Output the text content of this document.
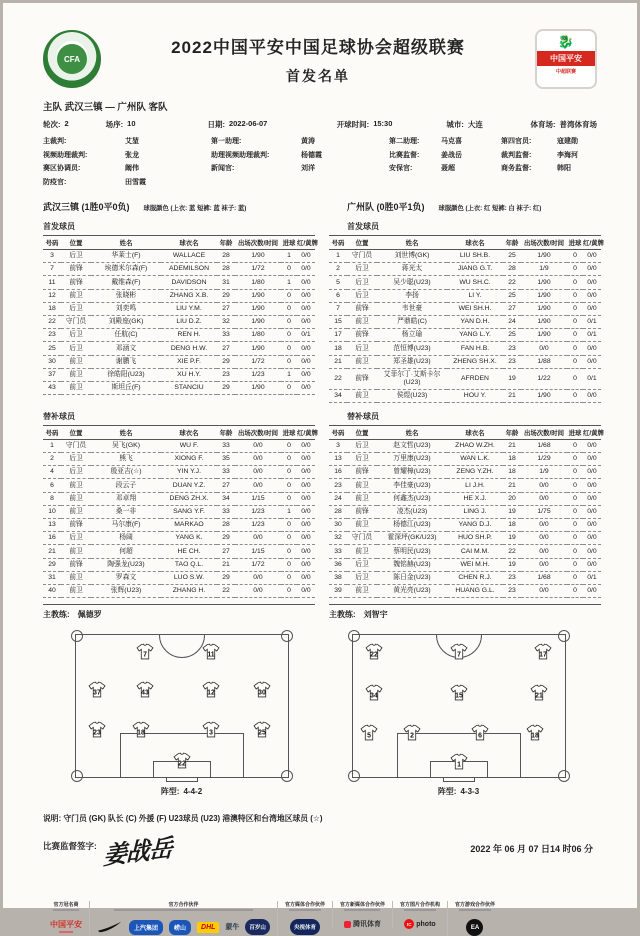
CFA
2022中国平安中国足球协会超级联赛
首发名单
🐉
中国平安
中超联赛
主队 武汉三镇 — 广州队 客队
轮次: 2	场序: 10	日期: 2022-06-07	开球时间: 15:30	城市: 大连	体育场: 普湾体育场
主裁判:	艾堃
视频助理裁判:	张龙
赛区协调员:	阚伟
防疫官:	田雪霞
第一助理:	黄涛
助理视频助理裁判:	杨德霞
新闻官:	刘洋
第二助理:	马克喜
比赛监督:	姜战岳
安保官:	聂超
第四官员:	寇建勋
裁判监督:	李海河
商务监督:	韩阳
武汉三镇 (1胜0平0负) 球服颜色 (上衣: 蓝 短裤: 蓝 袜子: 蓝)	广州队 (0胜0平1负) 球服颜色 (上衣: 红 短裤: 白 袜子: 红)
首发球员	首发球员
号码	位置	姓名	球衣名	年龄	出场次数/时间	进球	红/黄牌
3	后卫	华莱士(F)	WALLACE	28	1/90	1	0/0
7	前锋	埃德米尔森(F)	ADEMILSON	28	1/72	0	0/0
11	前锋	戴维森(F)	DAVIDSON	31	1/80	1	0/0
12	前卫	张晓彬	ZHANG X.B.	29	1/90	0	0/0
18	后卫	刘奕鸣	LIU Y.M.	27	1/90	0	0/0
22	守门员	刘殿座(GK)	LIU D.Z.	32	1/90	0	0/0
23	后卫	任航(C)	REN H.	33	1/80	0	0/1
25	后卫	邓涵文	DENG H.W.	27	1/90	0	0/0
30	前卫	谢鹏飞	XIE P.F.	29	1/72	0	0/0
37	前卫	徐皓阳(U23)	XU H.Y.	23	1/23	1	0/0
43	前卫	斯坦丘(F)	STANCIU	29	1/90	0	0/0
号码	位置	姓名	球衣名	年龄	出场次数/时间	进球	红/黄牌
1	守门员	刘世博(GK)	LIU SH.B.	25	1/90	0	0/0
2	后卫	蒋光太	JIANG G.T.	28	1/9	0	0/0
5	后卫	吴少聪(U23)	WU SH.C.	22	1/90	0	0/0
6	后卫	李扬	LI Y.	25	1/90	0	0/0
7	前锋	韦世豪	WEI SH.H.	27	1/90	0	0/0
15	前卫	严鼎皓(C)	YAN D.H.	24	1/90	0	0/1
17	前锋	杨立瑜	YANG L.Y.	25	1/90	0	0/1
18	后卫	范恒博(U23)	FAN H.B.	23	0/0	0	0/0
21	前卫	郑圣雄(U23)	ZHENG SH.X.	23	1/88	0	0/0
22	前锋	艾菲尔丁·艾斯卡尔(U23)	AFRDEN	19	1/22	0	0/1
34	前卫	侯煜(U23)	HOU Y.	21	1/90	0	0/0
替补球员	替补球员
号码	位置	姓名	球衣名	年龄	出场次数/时间	进球	红/黄牌
1	守门员	吴飞(GK)	WU F.	33	0/0	0	0/0
2	后卫	熊飞	XIONG F.	35	0/0	0	0/0
4	后卫	殷亚吉(☆)	YIN Y.J.	33	0/0	0	0/0
6	前卫	段云子	DUAN Y.Z.	27	0/0	0	0/0
8	前卫	邓卓翔	DENG ZH.X.	34	1/15	0	0/0
10	前卫	桑一非	SANG Y.F.	33	1/23	1	0/0
13	前锋	马尔康(F)	MARKAO	28	1/23	0	0/0
16	后卫	杨阔	YANG K.	29	0/0	0	0/0
21	前卫	何超	HE CH.	27	1/15	0	0/0
29	前锋	陶强龙(U23)	TAO Q.L.	21	1/72	0	0/0
31	前卫	罗森文	LUO S.W.	29	0/0	0	0/0
40	前卫	张辉(U23)	ZHANG H.	22	0/0	0	0/0
主教练: 佩德罗
号码	位置	姓名	球衣名	年龄	出场次数/时间	进球	红/黄牌
3	后卫	赵文哲(U23)	ZHAO W.ZH.	21	1/68	0	0/0
13	后卫	万里康(U23)	WAN L.K.	18	1/29	0	0/0
16	前锋	曾耀樟(U23)	ZENG Y.ZH.	18	1/9	0	0/0
23	前卫	李佳豪(U23)	LI J.H.	21	0/0	0	0/0
24	前卫	何鑫杰(U23)	HE X.J.	20	0/0	0	0/0
28	前锋	凌杰(U23)	LING J.	19	1/75	0	0/0
30	前卫	杨德江(U23)	YANG D.J.	18	0/0	0	0/0
32	守门员	霍深坪(GK/U23)	HUO SH.P.	19	0/0	0	0/0
33	前卫	蔡明民(U23)	CAI M.M.	22	0/0	0	0/0
36	后卫	魏铭赫(U23)	WEI M.H.	19	0/0	0	0/0
38	后卫	陈日金(U23)	CHEN R.J.	23	1/68	0	0/1
39	前卫	黄光亮(U23)	HUANG G.L.	23	0/0	0	0/0
主教练: 刘智宇
7	11
37	43	12	30
23	18	3	25
22
阵型: 4-4-2
22	7	17
34	15	21
5	2	6	18
1
阵型: 4-3-3
说明: 守门员 (GK) 队长 (C) 外援 (F) U23球员 (U23) 港澳特区和台湾地区球员 (☆)
比赛监督签字: 姜战岳	2022 年 06 月 07 日14 时06 分
官方冠名商
中国平安
官方合作伙伴
上汽集团	崂山	DHL	蒙牛	百岁山
官方媒体合作伙伴
央视体育
官方新媒体合作伙伴
腾讯体育
官方图片合作机构
IC photo
官方游戏合作伙伴
EA
